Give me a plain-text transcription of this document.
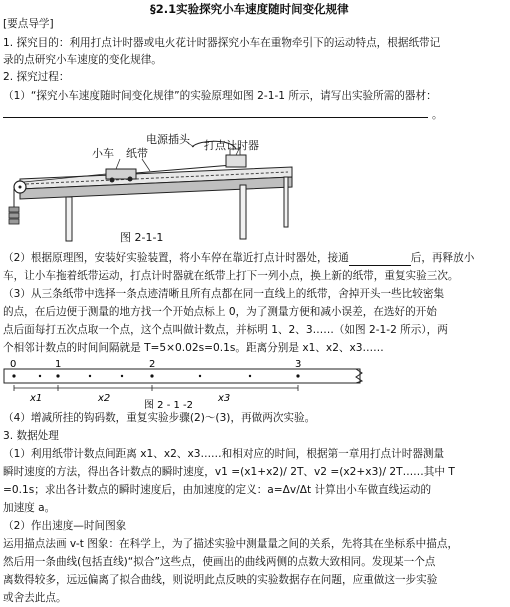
§2.1实验探究小车速度随时间变化规律
[要点导学]
1. 探究目的：利用打点计时器或电火花计时器探究小车在重物牵引下的运动特点，根据纸带记
录的点研究小车速度的变化规律。
2. 探究过程：
（1）“探究小车速度随时间变化规律”的实验原理如图 2-1-1 所示，请写出实验所需的器材：
。
小车 纸带
电源插头 打点计时器
图 2-1-1
（2）根据原理图，安装好实验装置，将小车停在靠近打点计时器处，接通	后，再释放小
车，让小车拖着纸带运动，打点计时器就在纸带上打下一列小点，换上新的纸带，重复实验三次。
（3）从三条纸带中选择一条点迹清晰且所有点都在同一直线上的纸带，舍掉开头一些比较密集
的点，在后边便于测量的地方找一个开始点标上 0，为了测量方便和减小误差，在选好的开始
点后面每打五次点取一个点，这个点叫做计数点，并标明 1、2、3……（如图 2-1-2 所示），两
个相邻计数点的时间间隔就是 T=5×0.02s=0.1s。距离分别是 x1、x2、x3……
0	1	2	3
x1	x2	x3
图 2 - 1 -2
（4）增减所挂的钩码数，重复实验步骤(2)～(3)，再做两次实验。
3. 数据处理
（1）利用纸带计数点间距离 x1、x2、x3……和相对应的时间，根据第一章用打点计时器测量
瞬时速度的方法，得出各计数点的瞬时速度，v1 =(x1+x2)/ 2T、v2 =(x2+x3)/ 2T……其中 T
=0.1s；求出各计数点的瞬时速度后，由加速度的定义：a=Δv/Δt 计算出小车做直线运动的
加速度 a。
（2）作出速度—时间图象
运用描点法画 v-t 图象：在科学上，为了描述实验中测量量之间的关系，先将其在坐标系中描点，
然后用一条曲线(包括直线)“拟合”这些点，使画出的曲线两侧的点数大致相同。发现某一个点
离数得较多，远远偏离了拟合曲线，则说明此点反映的实验数据存在问题，应重做这一步实验
或舍去此点。
